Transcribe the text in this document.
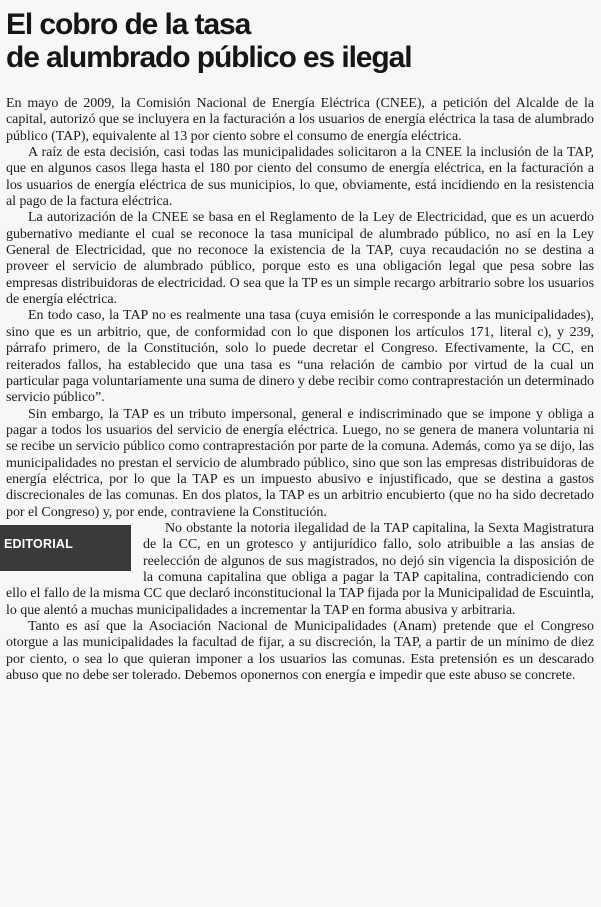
El cobro de la tasa
de alumbrado público es ilegal

En mayo de 2009, la Comisión Nacional de Energía Eléctrica (CNEE), a petición del Alcalde de la capital, autorizó que se incluyera en la facturación a los usuarios de energía eléctrica la tasa de alumbrado público (TAP), equivalente al 13 por ciento sobre el consumo de energía eléctrica.

A raíz de esta decisión, casi todas las municipalidades solicitaron a la CNEE la inclusión de la TAP, que en algunos casos llega hasta el 180 por ciento del consumo de energía eléctrica, en la facturación a los usuarios de energía eléctrica de sus municipios, lo que, obviamente, está incidiendo en la resistencia al pago de la factura eléctrica.

La autorización de la CNEE se basa en el Reglamento de la Ley de Electricidad, que es un acuerdo gubernativo mediante el cual se reconoce la tasa municipal de alumbrado público, no así en la Ley General de Electricidad, que no reconoce la existencia de la TAP, cuya recaudación no se destina a proveer el servicio de alumbrado público, porque esto es una obligación legal que pesa sobre las empresas distribuidoras de electricidad. O sea que la TP es un simple recargo arbitrario sobre los usuarios de energía eléctrica.

En todo caso, la TAP no es realmente una tasa (cuya emisión le corresponde a las municipalidades), sino que es un arbitrio, que, de conformidad con lo que disponen los artículos 171, literal c), y 239, párrafo primero, de la Constitución, solo lo puede decretar el Congreso. Efectivamente, la CC, en reiterados fallos, ha establecido que una tasa es “una relación de cambio por virtud de la cual un particular paga voluntariamente una suma de dinero y debe recibir como contraprestación un determinado servicio público”.

Sin embargo, la TAP es un tributo impersonal, general e indiscriminado que se impone y obliga a pagar a todos los usuarios del servicio de energía eléctrica. Luego, no se genera de manera voluntaria ni se recibe un servicio público como contraprestación por parte de la comuna. Además, como ya se dijo, las municipalidades no prestan el servicio de alumbrado público, sino que son las empresas distribuidoras de energía eléctrica, por lo que la TAP es un impuesto abusivo e injustificado, que se destina a gastos discrecionales de las comunas. En dos platos, la TAP es un arbitrio encubierto (que no ha sido decretado por el Congreso) y, por ende, contraviene la Constitución.

EDITORIAL

No obstante la notoria ilegalidad de la TAP capitalina, la Sexta Magistratura de la CC, en un grotesco y antijurídico fallo, solo atribuible a las ansias de reelección de algunos de sus magistrados, no dejó sin vigencia la disposición de la comuna capitalina que obliga a pagar la TAP capitalina, contradiciendo con ello el fallo de la misma CC que declaró inconstitucional la TAP fijada por la Municipalidad de Escuintla, lo que alentó a muchas municipalidades a incrementar la TAP en forma abusiva y arbitraria.

Tanto es así que la Asociación Nacional de Municipalidades (Anam) pretende que el Congreso otorgue a las municipalidades la facultad de fijar, a su discreción, la TAP, a partir de un mínimo de diez por ciento, o sea lo que quieran imponer a los usuarios las comunas. Esta pretensión es un descarado abuso que no debe ser tolerado. Debemos oponernos con energía e impedir que este abuso se concrete.
